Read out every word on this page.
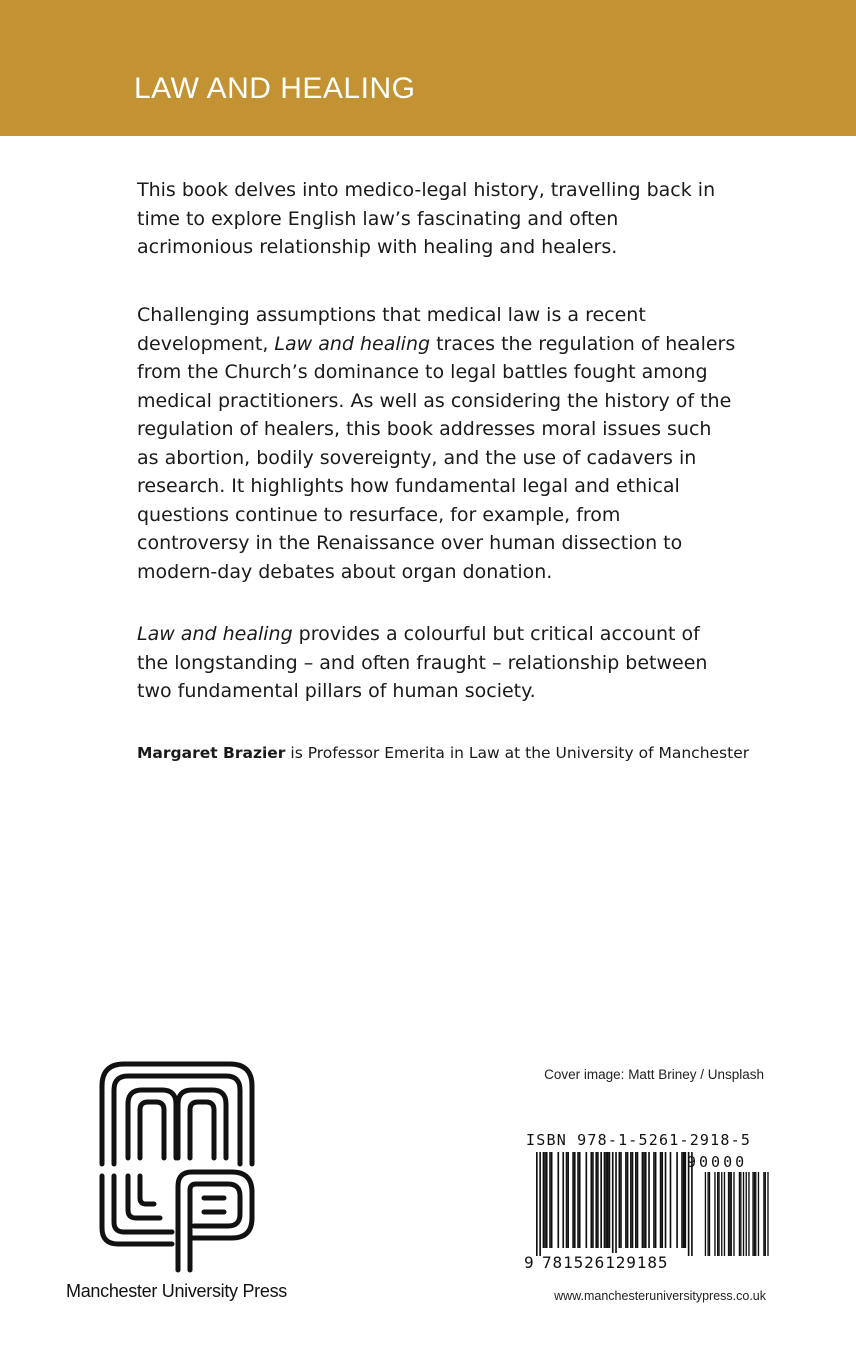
LAW AND HEALING

This book delves into medico-legal history, travelling back in time to explore English law’s fascinating and often acrimonious relationship with healing and healers.

Challenging assumptions that medical law is a recent development, Law and healing traces the regulation of healers from the Church’s dominance to legal battles fought among medical practitioners. As well as considering the history of the regulation of healers, this book addresses moral issues such as abortion, bodily sovereignty, and the use of cadavers in research. It highlights how fundamental legal and ethical questions continue to resurface, for example, from controversy in the Renaissance over human dissection to modern-day debates about organ donation.

Law and healing provides a colourful but critical account of the longstanding – and often fraught – relationship between two fundamental pillars of human society.

Margaret Brazier is Professor Emerita in Law at the University of Manchester

Manchester University Press
Cover image: Matt Briney / Unsplash
ISBN 978-1-5261-2918-5
90000
9 781526129185
www.manchesteruniversitypress.co.uk
